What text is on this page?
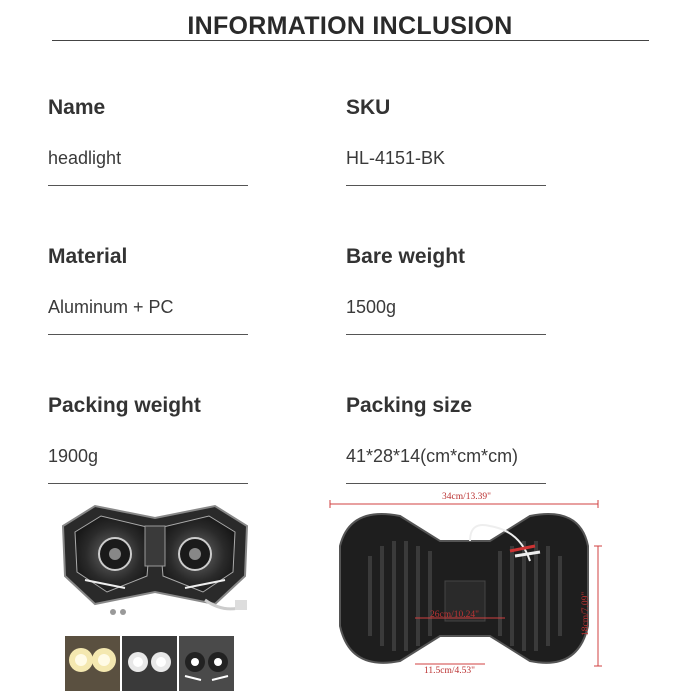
INFORMATION INCLUSION
Name
headlight
SKU
HL-4151-BK
Material
Aluminum + PC
Bare weight
1500g
Packing weight
1900g
Packing size
41*28*14(cm*cm*cm)
34cm/13.39"
18cm/7.09"
26cm/10.24"
11.5cm/4.53"
